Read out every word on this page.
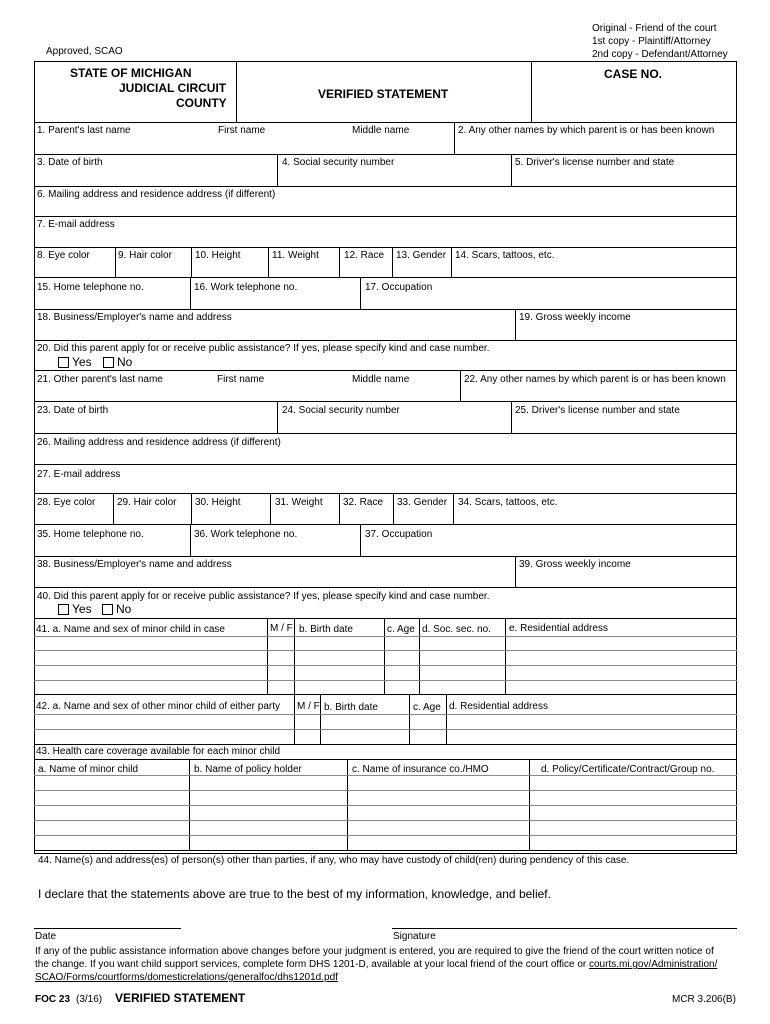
Approved, SCAO
Original - Friend of the court
1st copy - Plaintiff/Attorney
2nd copy - Defendant/Attorney
STATE OF MICHIGAN
JUDICIAL CIRCUIT
COUNTY
VERIFIED STATEMENT
CASE NO.
1. Parent's last name	First name	Middle name	2. Any other names by which parent is or has been known
3. Date of birth	4. Social security number	5. Driver's license number and state
6. Mailing address and residence address (if different)
7. E-mail address
8. Eye color	9. Hair color 10. Height	11. Weight	12. Race 13. Gender 14. Scars, tattoos, etc.
15. Home telephone no.	16. Work telephone no.	17. Occupation
18. Business/Employer's name and address	19. Gross weekly income
20. Did this parent apply for or receive public assistance? If yes, please specify kind and case number.
Yes No
21. Other parent's last name	First name	Middle name	22. Any other names by which parent is or has been known
23. Date of birth	24. Social security number	25. Driver's license number and state
26. Mailing address and residence address (if different)
27. E-mail address
28. Eye color 29. Hair color 30. Height	31. Weight 32. Race 33. Gender 34. Scars, tattoos, etc.
35. Home telephone no.	36. Work telephone no.	37. Occupation
38. Business/Employer's name and address	39. Gross weekly income
40. Did this parent apply for or receive public assistance? If yes, please specify kind and case number.
Yes No
41. a. Name and sex of minor child in case	M / F b. Birth date	c. Age d. Soc. sec. no. e. Residential address
42. a. Name and sex of other minor child of either party M / F b. Birth date	c. Age d. Residential address
43. Health care coverage available for each minor child
a. Name of minor child	b. Name of policy holder	c. Name of insurance co./HMO	d. Policy/Certificate/Contract/Group no.
44. Name(s) and address(es) of person(s) other than parties, if any, who may have custody of child(ren) during pendency of this case.
I declare that the statements above are true to the best of my information, knowledge, and belief.
Date	Signature
If any of the public assistance information above changes before your judgment is entered, you are required to give the friend of the court written notice of
the change. If you want child support services, complete form DHS 1201-D, available at your local friend of the court office or courts.mi.gov/Administration/
SCAO/Forms/courtforms/domesticrelations/generalfoc/dhs1201d.pdf
FOC 23 (3/16) VERIFIED STATEMENT	MCR 3.206(B)
